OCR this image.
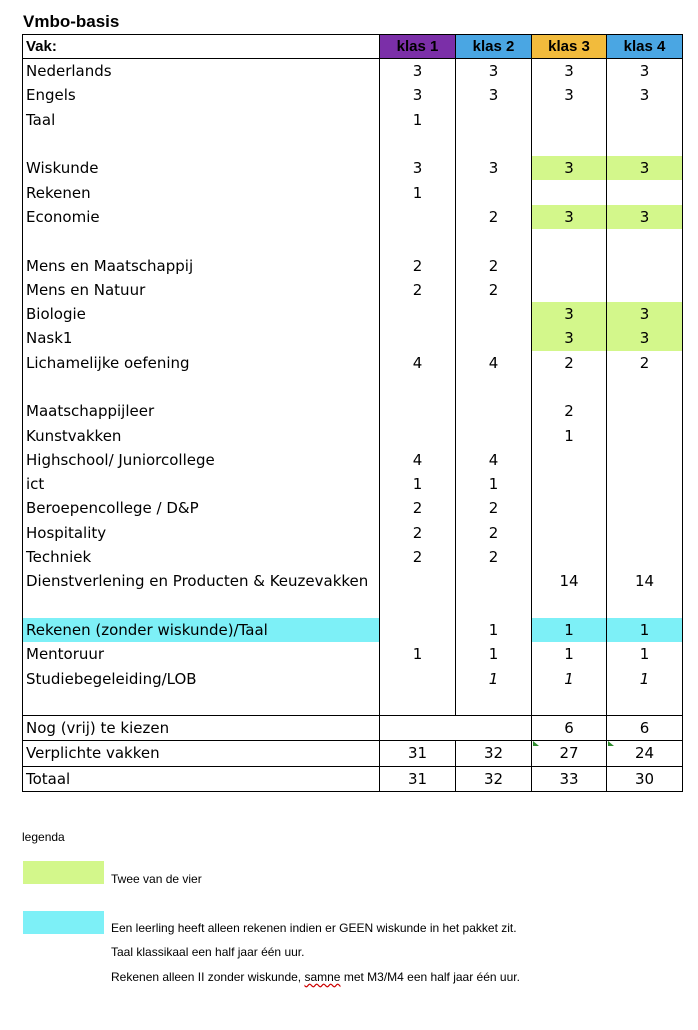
Vmbo-basis
Vak:	klas 1	klas 2	klas 3	klas 4
Nederlands	3	3	3	3
Engels	3	3	3	3
Taal	1			

Wiskunde	3	3	3	3
Rekenen	1			
Economie		2	3	3

Mens en Maatschappij	2	2		
Mens en Natuur	2	2		
Biologie			3	3
Nask1			3	3
Lichamelijke oefening	4	4	2	2

Maatschappijleer			2	
Kunstvakken			1	
Highschool/ Juniorcollege	4	4		
ict	1	1		
Beroepencollege / D&P	2	2		
Hospitality	2	2		
Techniek	2	2		
Dienstverlening en Producten & Keuzevakken			14	14

Rekenen (zonder wiskunde)/Taal		1	1	1
Mentoruur	1	1	1	1
Studiebegeleiding/LOB		1	1	1

Nog (vrij) te kiezen			6	6
Verplichte vakken	31	32	27	24
Totaal	31	32	33	30
legenda
Twee van de vier
Een leerling heeft alleen rekenen indien er GEEN wiskunde in het pakket zit.
Taal klassikaal een half jaar één uur.
Rekenen alleen II zonder wiskunde, samne met M3/M4 een half jaar één uur.
